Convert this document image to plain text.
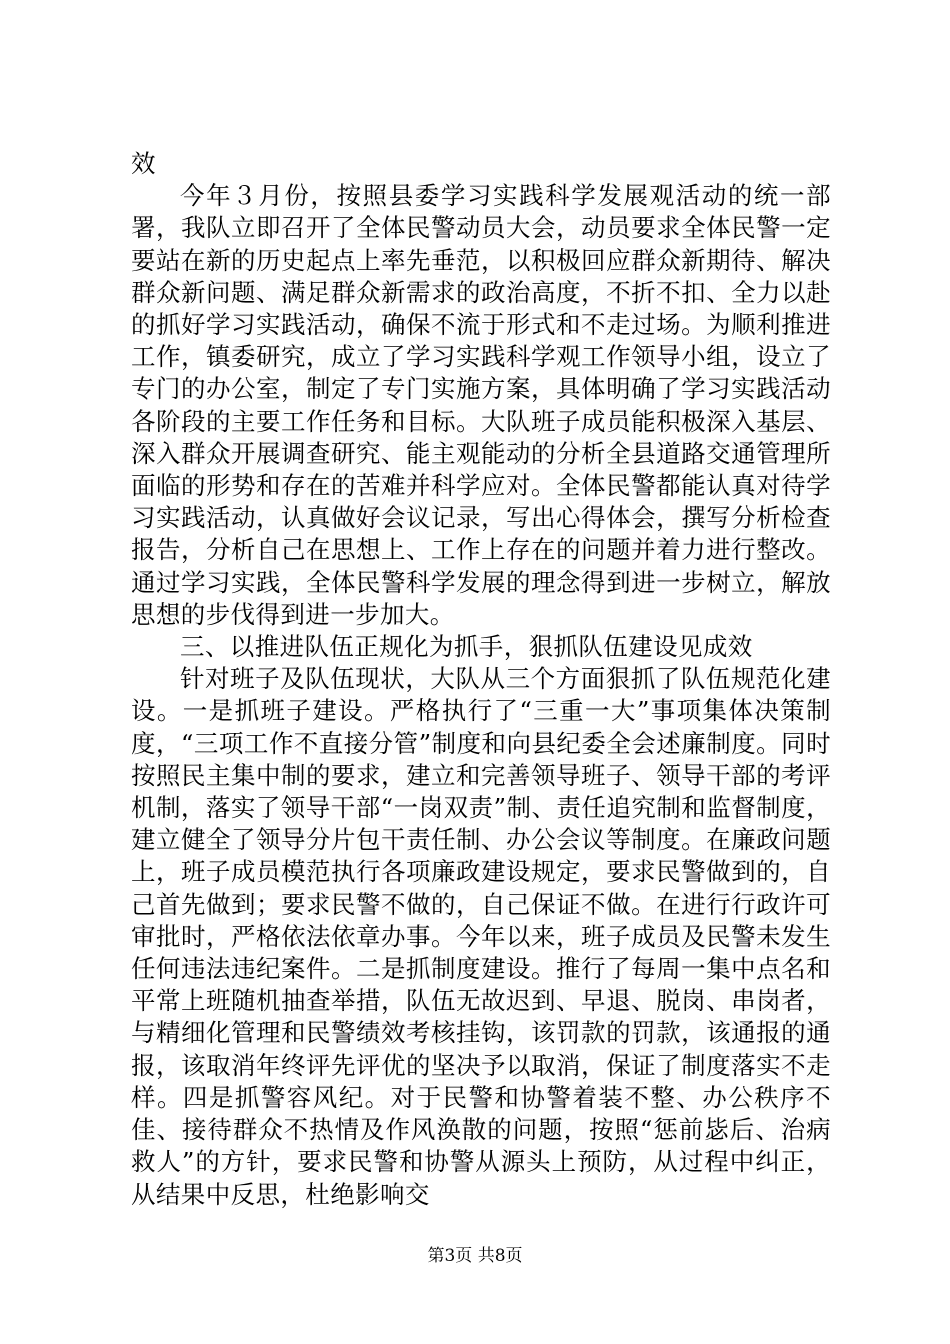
效

今年３月份，按照县委学习实践科学发展观活动的统一部署，我队立即召开了全体民警动员大会，动员要求全体民警一定要站在新的历史起点上率先垂范，以积极回应群众新期待、解决群众新问题、满足群众新需求的政治高度，不折不扣、全力以赴的抓好学习实践活动，确保不流于形式和不走过场。为顺利推进工作，镇委研究，成立了学习实践科学观工作领导小组，设立了专门的办公室，制定了专门实施方案，具体明确了学习实践活动各阶段的主要工作任务和目标。大队班子成员能积极深入基层、深入群众开展调查研究、能主观能动的分析全县道路交通管理所面临的形势和存在的苦难并科学应对。全体民警都能认真对待学习实践活动，认真做好会议记录，写出心得体会，撰写分析检查报告，分析自己在思想上、工作上存在的问题并着力进行整改。通过学习实践，全体民警科学发展的理念得到进一步树立，解放思想的步伐得到进一步加大。

三、以推进队伍正规化为抓手，狠抓队伍建设见成效

针对班子及队伍现状，大队从三个方面狠抓了队伍规范化建设。一是抓班子建设。严格执行了“三重一大”事项集体决策制度，“三项工作不直接分管”制度和向县纪委全会述廉制度。同时按照民主集中制的要求，建立和完善领导班子、领导干部的考评机制，落实了领导干部“一岗双责”制、责任追究制和监督制度，建立健全了领导分片包干责任制、办公会议等制度。在廉政问题上，班子成员模范执行各项廉政建设规定，要求民警做到的，自己首先做到；要求民警不做的，自己保证不做。在进行行政许可审批时，严格依法依章办事。今年以来，班子成员及民警未发生任何违法违纪案件。二是抓制度建设。推行了每周一集中点名和平常上班随机抽查举措，队伍无故迟到、早退、脱岗、串岗者，与精细化管理和民警绩效考核挂钩，该罚款的罚款，该通报的通报，该取消年终评先评优的坚决予以取消，保证了制度落实不走样。四是抓警容风纪。对于民警和协警着装不整、办公秩序不佳、接待群众不热情及作风涣散的问题，按照“惩前毖后、治病救人”的方针，要求民警和协警从源头上预防，从过程中纠正，从结果中反思，杜绝影响交

第3页 共8页
